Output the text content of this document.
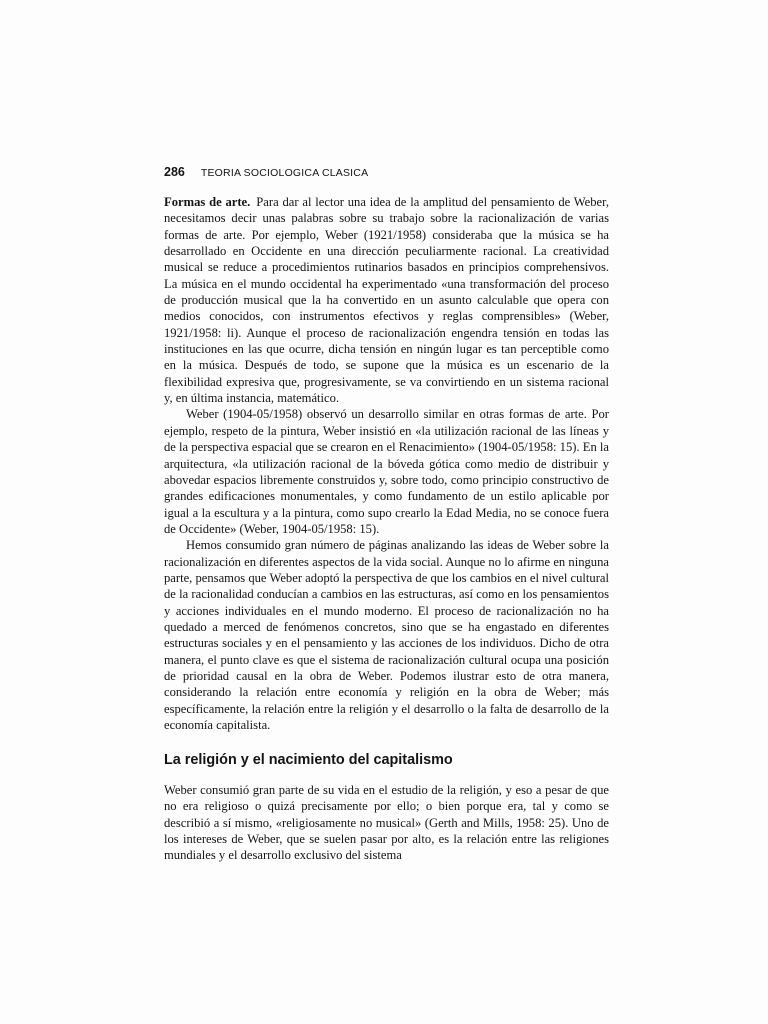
286 TEORIA SOCIOLOGICA CLASICA

Formas de arte. Para dar al lector una idea de la amplitud del pensamiento de Weber, necesitamos decir unas palabras sobre su trabajo sobre la racionalización de varias formas de arte. Por ejemplo, Weber (1921/1958) consideraba que la música se ha desarrollado en Occidente en una dirección peculiarmente racional. La creatividad musical se reduce a procedimientos rutinarios basados en principios comprehensivos. La música en el mundo occidental ha experimentado «una transformación del proceso de producción musical que la ha convertido en un asunto calculable que opera con medios conocidos, con instrumentos efectivos y reglas comprensibles» (Weber, 1921/1958: li). Aunque el proceso de racionalización engendra tensión en todas las instituciones en las que ocurre, dicha tensión en ningún lugar es tan perceptible como en la música. Después de todo, se supone que la música es un escenario de la flexibilidad expresiva que, progresivamente, se va convirtiendo en un sistema racional y, en última instancia, matemático.

Weber (1904-05/1958) observó un desarrollo similar en otras formas de arte. Por ejemplo, respeto de la pintura, Weber insistió en «la utilización racional de las líneas y de la perspectiva espacial que se crearon en el Renacimiento» (1904-05/1958: 15). En la arquitectura, «la utilización racional de la bóveda gótica como medio de distribuir y abovedar espacios libremente construidos y, sobre todo, como principio constructivo de grandes edificaciones monumentales, y como fundamento de un estilo aplicable por igual a la escultura y a la pintura, como supo crearlo la Edad Media, no se conoce fuera de Occidente» (Weber, 1904-05/1958: 15).

Hemos consumido gran número de páginas analizando las ideas de Weber sobre la racionalización en diferentes aspectos de la vida social. Aunque no lo afirme en ninguna parte, pensamos que Weber adoptó la perspectiva de que los cambios en el nivel cultural de la racionalidad conducían a cambios en las estructuras, así como en los pensamientos y acciones individuales en el mundo moderno. El proceso de racionalización no ha quedado a merced de fenómenos concretos, sino que se ha engastado en diferentes estructuras sociales y en el pensamiento y las acciones de los individuos. Dicho de otra manera, el punto clave es que el sistema de racionalización cultural ocupa una posición de prioridad causal en la obra de Weber. Podemos ilustrar esto de otra manera, considerando la relación entre economía y religión en la obra de Weber; más específicamente, la relación entre la religión y el desarrollo o la falta de desarrollo de la economía capitalista.

La religión y el nacimiento del capitalismo

Weber consumió gran parte de su vida en el estudio de la religión, y eso a pesar de que no era religioso o quizá precisamente por ello; o bien porque era, tal y como se describió a sí mismo, «religiosamente no musical» (Gerth and Mills, 1958: 25). Uno de los intereses de Weber, que se suelen pasar por alto, es la relación entre las religiones mundiales y el desarrollo exclusivo del sistema
